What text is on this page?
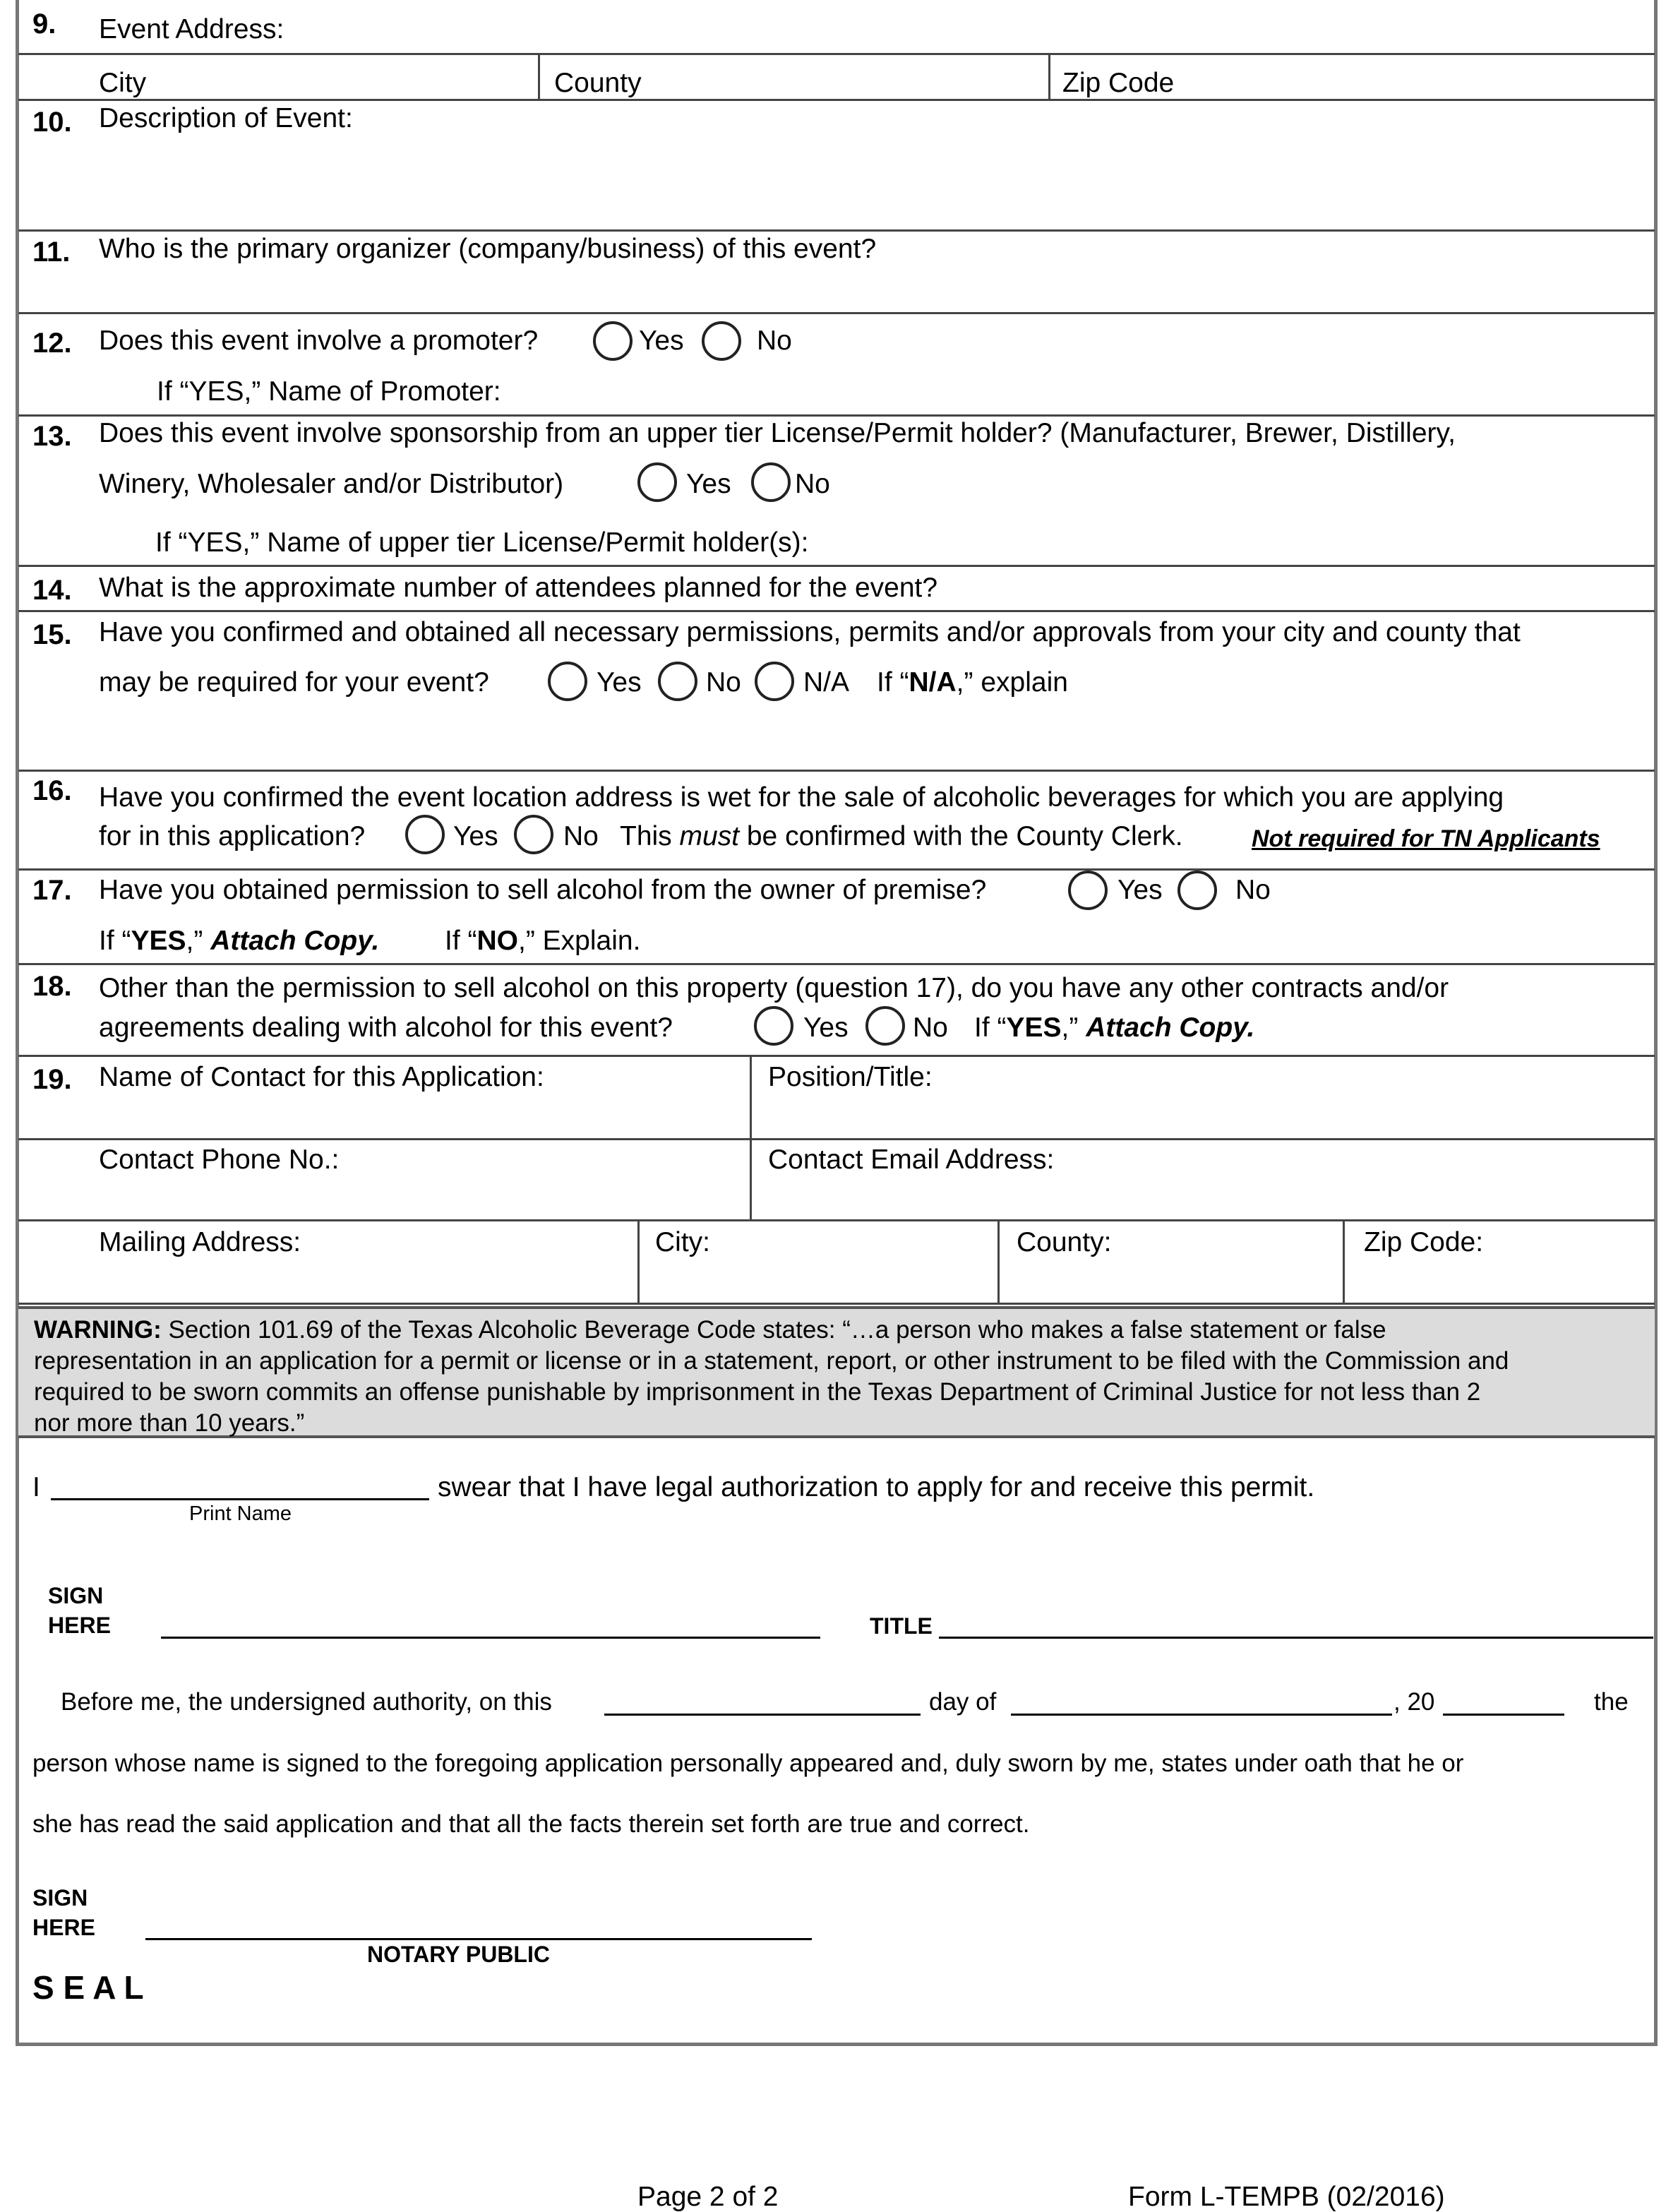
9. Event Address:
City	County	Zip Code
10. Description of Event:
11. Who is the primary organizer (company/business) of this event?
12. Does this event involve a promoter?	Yes	No
If “YES,” Name of Promoter:
13. Does this event involve sponsorship from an upper tier License/Permit holder? (Manufacturer, Brewer, Distillery,
Winery, Wholesaler and/or Distributor)	Yes No
If “YES,” Name of upper tier License/Permit holder(s):
14. What is the approximate number of attendees planned for the event?
15. Have you confirmed and obtained all necessary permissions, permits and/or approvals from your city and county that
may be required for your event?	Yes No N/A If “N/A,” explain
16. Have you confirmed the event location address is wet for the sale of alcoholic beverages for which you are applying
for in this application?	Yes No This must be confirmed with the County Clerk.	Not required for TN Applicants
17. Have you obtained permission to sell alcohol from the owner of premise?	Yes	No
If “YES,” Attach Copy. If “NO,” Explain.
18. Other than the permission to sell alcohol on this property (question 17), do you have any other contracts and/or
agreements dealing with alcohol for this event?	Yes No If “YES,” Attach Copy.
19. Name of Contact for this Application:	Position/Title:
Contact Phone No.:	Contact Email Address:
Mailing Address:	City:	County:	Zip Code:
WARNING: Section 101.69 of the Texas Alcoholic Beverage Code states: “…a person who makes a false statement or false
representation in an application for a permit or license or in a statement, report, or other instrument to be filed with the Commission and
required to be sworn commits an offense punishable by imprisonment in the Texas Department of Criminal Justice for not less than 2
nor more than 10 years.”
I	swear that I have legal authorization to apply for and receive this permit.
Print Name
SIGN
HERE	TITLE
Before me, the undersigned authority, on this	day of	, 20	the
person whose name is signed to the foregoing application personally appeared and, duly sworn by me, states under oath that he or
she has read the said application and that all the facts therein set forth are true and correct.
SIGN
HERE
NOTARY PUBLIC
S E A L
Page 2 of 2	Form L-TEMPB (02/2016)
